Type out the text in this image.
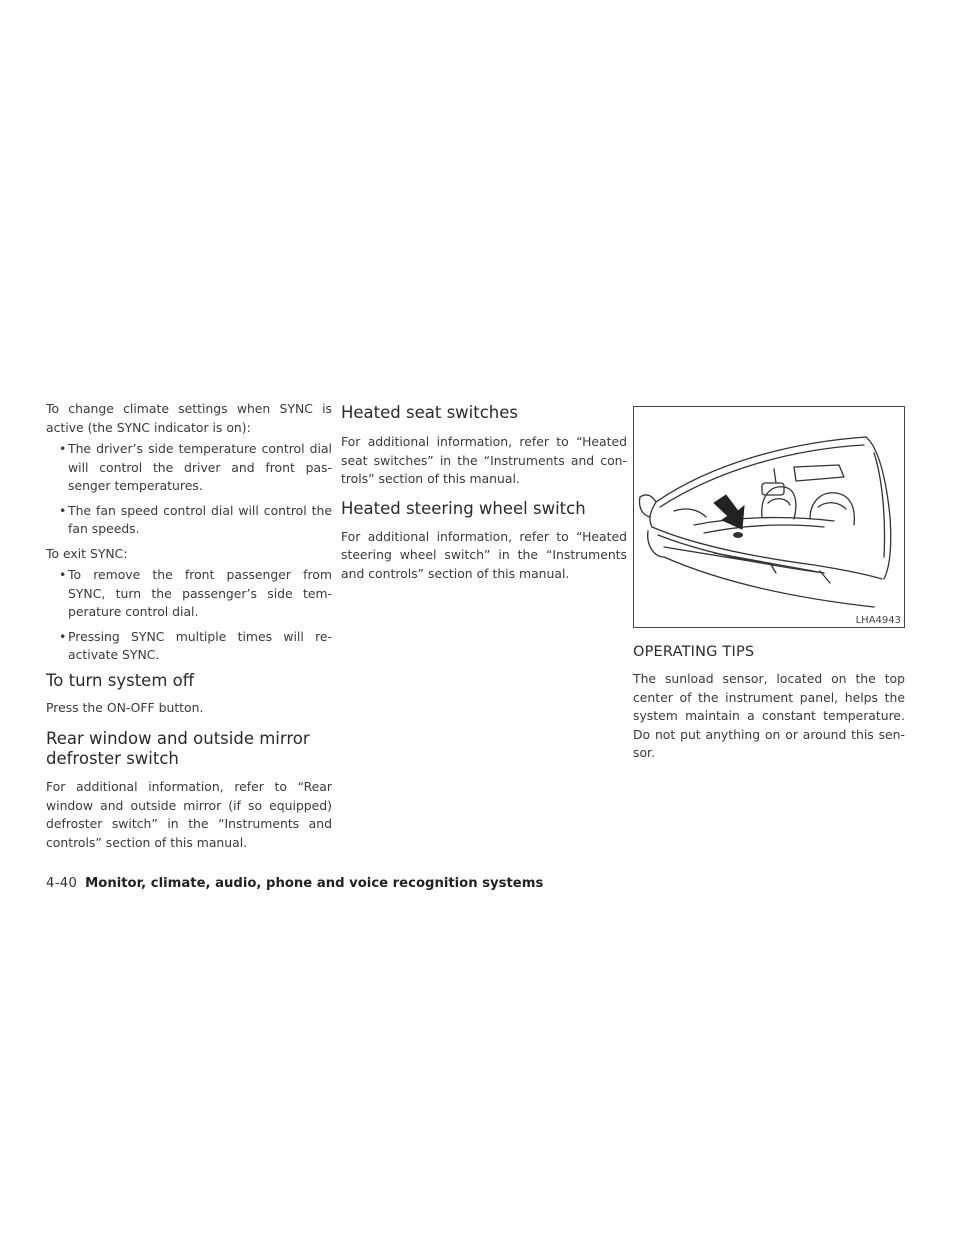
To change climate settings when SYNC is active (the SYNC indicator is on):

• The driver’s side temperature control dial will control the driver and front pas-senger temperatures.
• The fan speed control dial will control the fan speeds.

To exit SYNC:

• To remove the front passenger from SYNC, turn the passenger’s side tem-perature control dial.
• Pressing SYNC multiple times will re-activate SYNC.
To turn system off

Press the ON-OFF button.

Rear window and outside mirror
defroster switch

For additional information, refer to “Rear window and outside mirror (if so equipped) defroster switch” in the “Instruments and controls” section of this manual.

Heated seat switches

For additional information, refer to “Heated seat switches” in the “Instruments and con-trols” section of this manual.

Heated steering wheel switch

For additional information, refer to “Heated steering wheel switch” in the “Instruments and controls” section of this manual.

LHA4943
OPERATING TIPS

The sunload sensor, located on the top center of the instrument panel, helps the system maintain a constant temperature. Do not put anything on or around this sen-sor.

4-40 Monitor, climate, audio, phone and voice recognition systems
